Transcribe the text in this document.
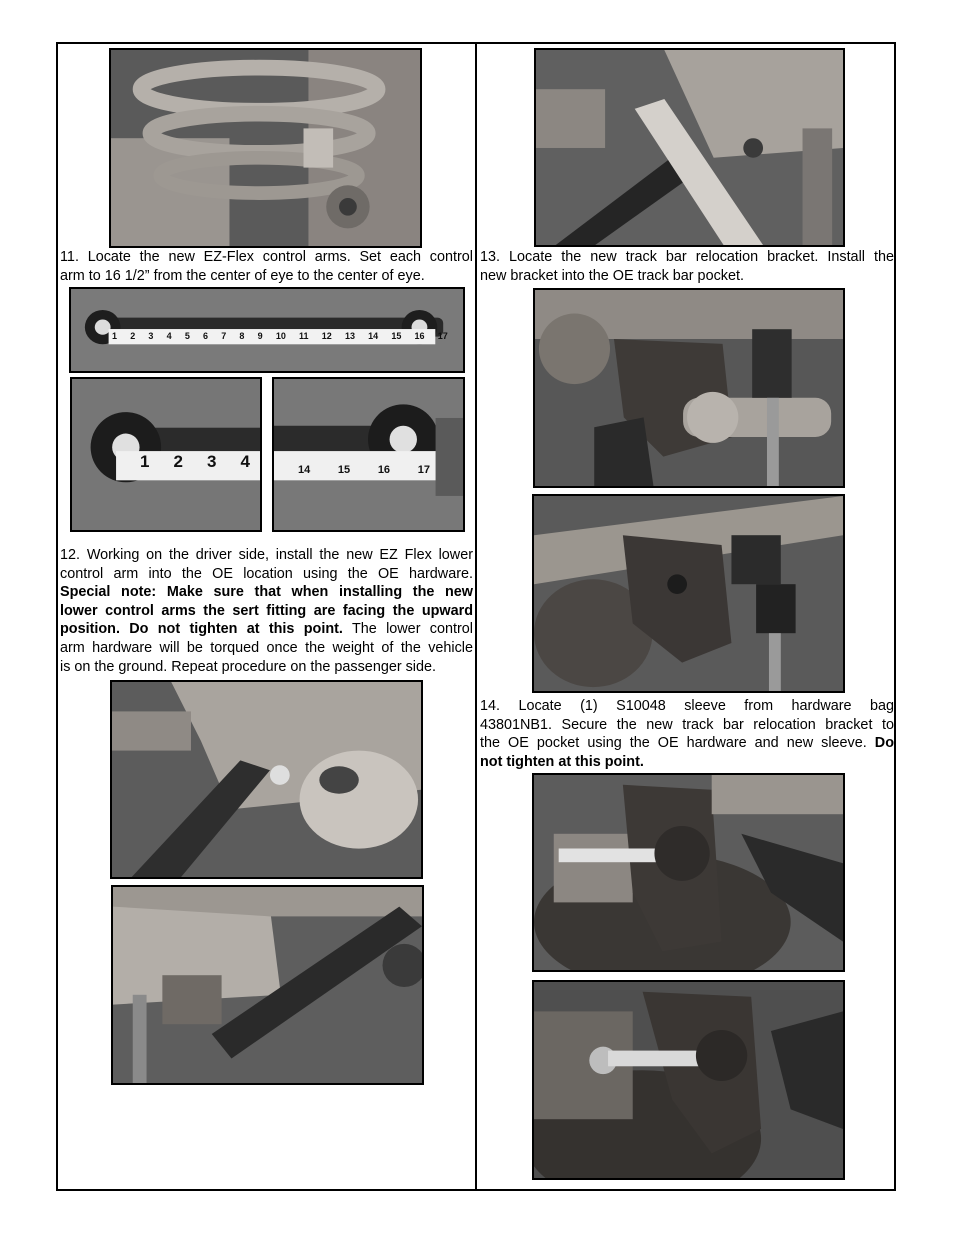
11. Locate the new EZ-Flex control arms. Set each control
arm to 16 1/2” from the center of eye to the center of eye.
1 2 3 4 5 6 7 8 9 10 11 12 13 14 15 16 17
1 2 3 4	14	15	16	17
12. Working on the driver side, install the new EZ Flex lower
control arm into the OE location using the OE hardware.
Special note: Make sure that when installing the new
lower control arms the sert fitting are facing the upward
position. Do not tighten at this point. The lower control
arm hardware will be torqued once the weight of the vehicle
is on the ground. Repeat procedure on the passenger side.
13. Locate the new track bar relocation bracket. Install the
new bracket into the OE track bar pocket.
14. Locate (1) S10048 sleeve from hardware bag
43801NB1. Secure the new track bar relocation bracket to
the OE pocket using the OE hardware and new sleeve. Do
not tighten at this point.
